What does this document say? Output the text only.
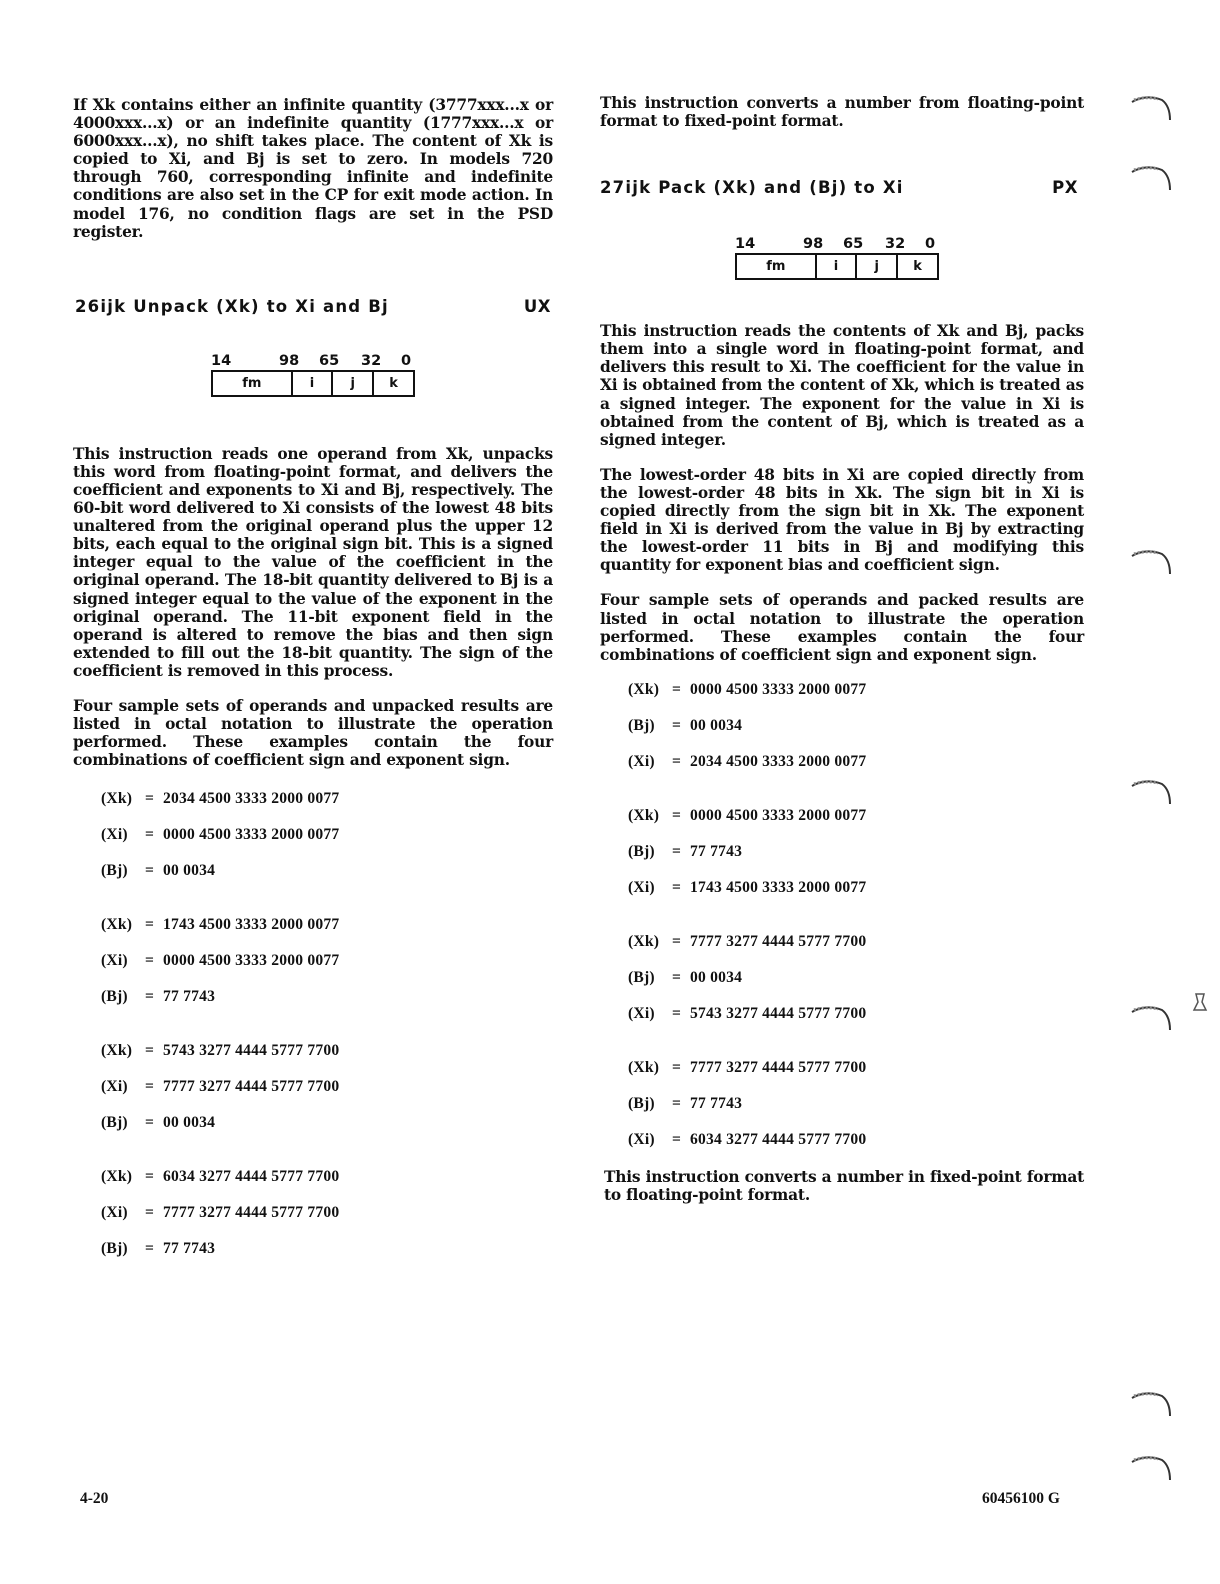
If Xk contains either an infinite quantity (3777xxx...x or 4000xxx...x) or an indefinite quantity (1777xxx...x or 6000xxx...x), no shift takes place. The content of Xk is copied to Xi, and Bj is set to zero. In models 720 through 760, corresponding infinite and indefinite conditions are also set in the CP for exit mode action. In model 176, no condition flags are set in the PSD register.

26ijk Unpack (Xk) to Xi and Bj	UX
14	98 65 32 0
fm	i	j	k

This instruction reads one operand from Xk, unpacks this word from floating-point format, and delivers the coefficient and exponents to Xi and Bj, respectively. The 60-bit word delivered to Xi consists of the lowest 48 bits unaltered from the original operand plus the upper 12 bits, each equal to the original sign bit. This is a signed integer equal to the value of the coefficient in the original operand. The 18-bit quantity delivered to Bj is a signed integer equal to the value of the exponent in the original operand. The 11-bit exponent field in the operand is altered to remove the bias and then sign extended to fill out the 18-bit quantity. The sign of the coefficient is removed in this process.

Four sample sets of operands and unpacked results are listed in octal notation to illustrate the operation performed. These examples contain the four combinations of coefficient sign and exponent sign.

(Xk) = 2034 4500 3333 2000 0077
(Xi)	= 0000 4500 3333 2000 0077
(Bj)	= 00 0034
(Xk) = 1743 4500 3333 2000 0077
(Xi)	= 0000 4500 3333 2000 0077
(Bj)	= 77 7743
(Xk) = 5743 3277 4444 5777 7700
(Xi)	= 7777 3277 4444 5777 7700
(Bj)	= 00 0034
(Xk) = 6034 3277 4444 5777 7700
(Xi)	= 7777 3277 4444 5777 7700
(Bj)	= 77 7743

This instruction converts a number from floating-point format to fixed-point format.

27ijk Pack (Xk) and (Bj) to Xi	PX
14	98 65 32 0
fm	i	j	k

This instruction reads the contents of Xk and Bj, packs them into a single word in floating-point format, and delivers this result to Xi. The coefficient for the value in Xi is obtained from the content of Xk, which is treated as a signed integer. The exponent for the value in Xi is obtained from the content of Bj, which is treated as a signed integer.

The lowest-order 48 bits in Xi are copied directly from the lowest-order 48 bits in Xk. The sign bit in Xi is copied directly from the sign bit in Xk. The exponent field in Xi is derived from the value in Bj by extracting the lowest-order 11 bits in Bj and modifying this quantity for exponent bias and coefficient sign.

Four sample sets of operands and packed results are listed in octal notation to illustrate the operation performed. These examples contain the four combinations of coefficient sign and exponent sign.

(Xk) = 0000 4500 3333 2000 0077
(Bj)	= 00 0034
(Xi)	= 2034 4500 3333 2000 0077
(Xk) = 0000 4500 3333 2000 0077
(Bj)	= 77 7743
(Xi)	= 1743 4500 3333 2000 0077
(Xk) = 7777 3277 4444 5777 7700
(Bj)	= 00 0034
(Xi)	= 5743 3277 4444 5777 7700
(Xk) = 7777 3277 4444 5777 7700
(Bj)	= 77 7743
(Xi)	= 6034 3277 4444 5777 7700

This instruction converts a number in fixed-point format to floating-point format.

4-20	60456100 G
